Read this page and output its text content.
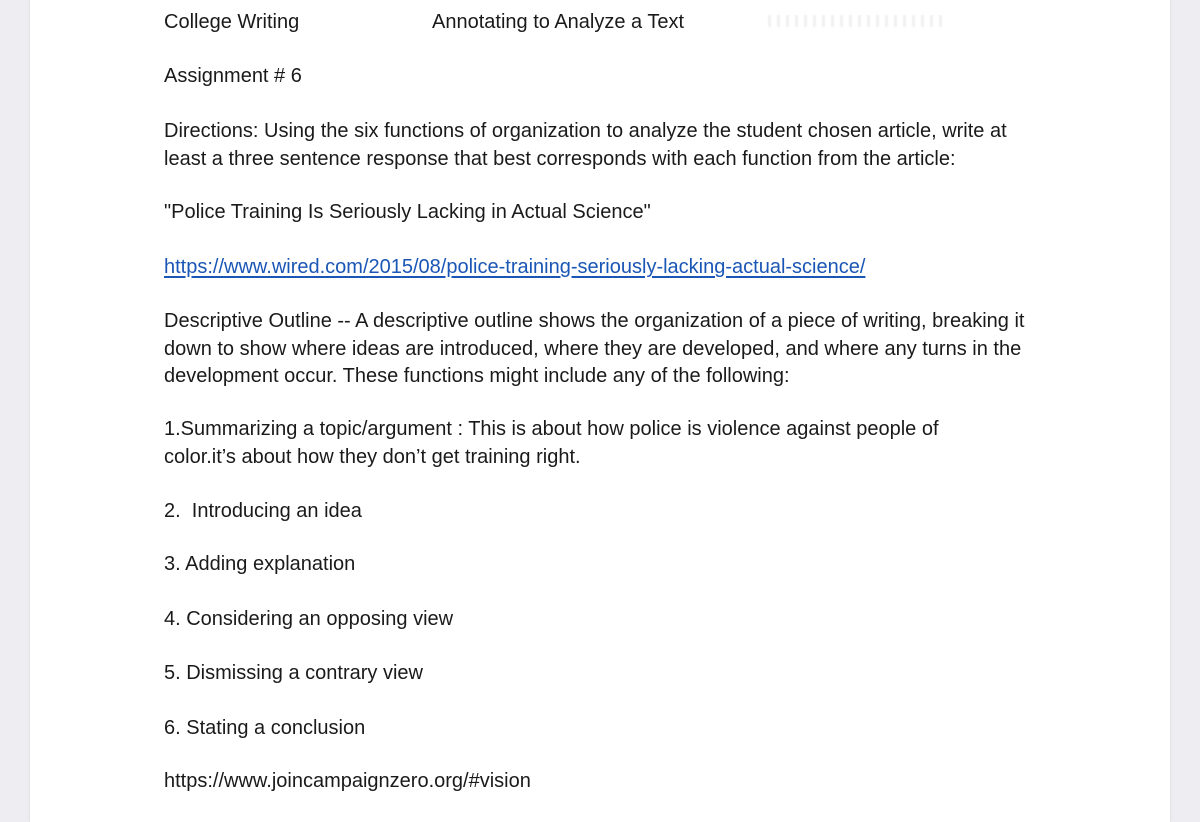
College Writing	Annotating to Analyze a Text

Assignment # 6

Directions: Using the six functions of organization to analyze the student chosen article, write at least a three sentence response that best corresponds with each function from the article:

"Police Training Is Seriously Lacking in Actual Science"

https://www.wired.com/2015/08/police-training-seriously-lacking-actual-science/

Descriptive Outline -- A descriptive outline shows the organization of a piece of writing, breaking it down to show where ideas are introduced, where they are developed, and where any turns in the development occur. These functions might include any of the following:

1.Summarizing a topic/argument : This is about how police is violence against people of color.it’s about how they don’t get training right.

2.  Introducing an idea

3. Adding explanation

4. Considering an opposing view

5. Dismissing a contrary view

6. Stating a conclusion

https://www.joincampaignzero.org/#vision
